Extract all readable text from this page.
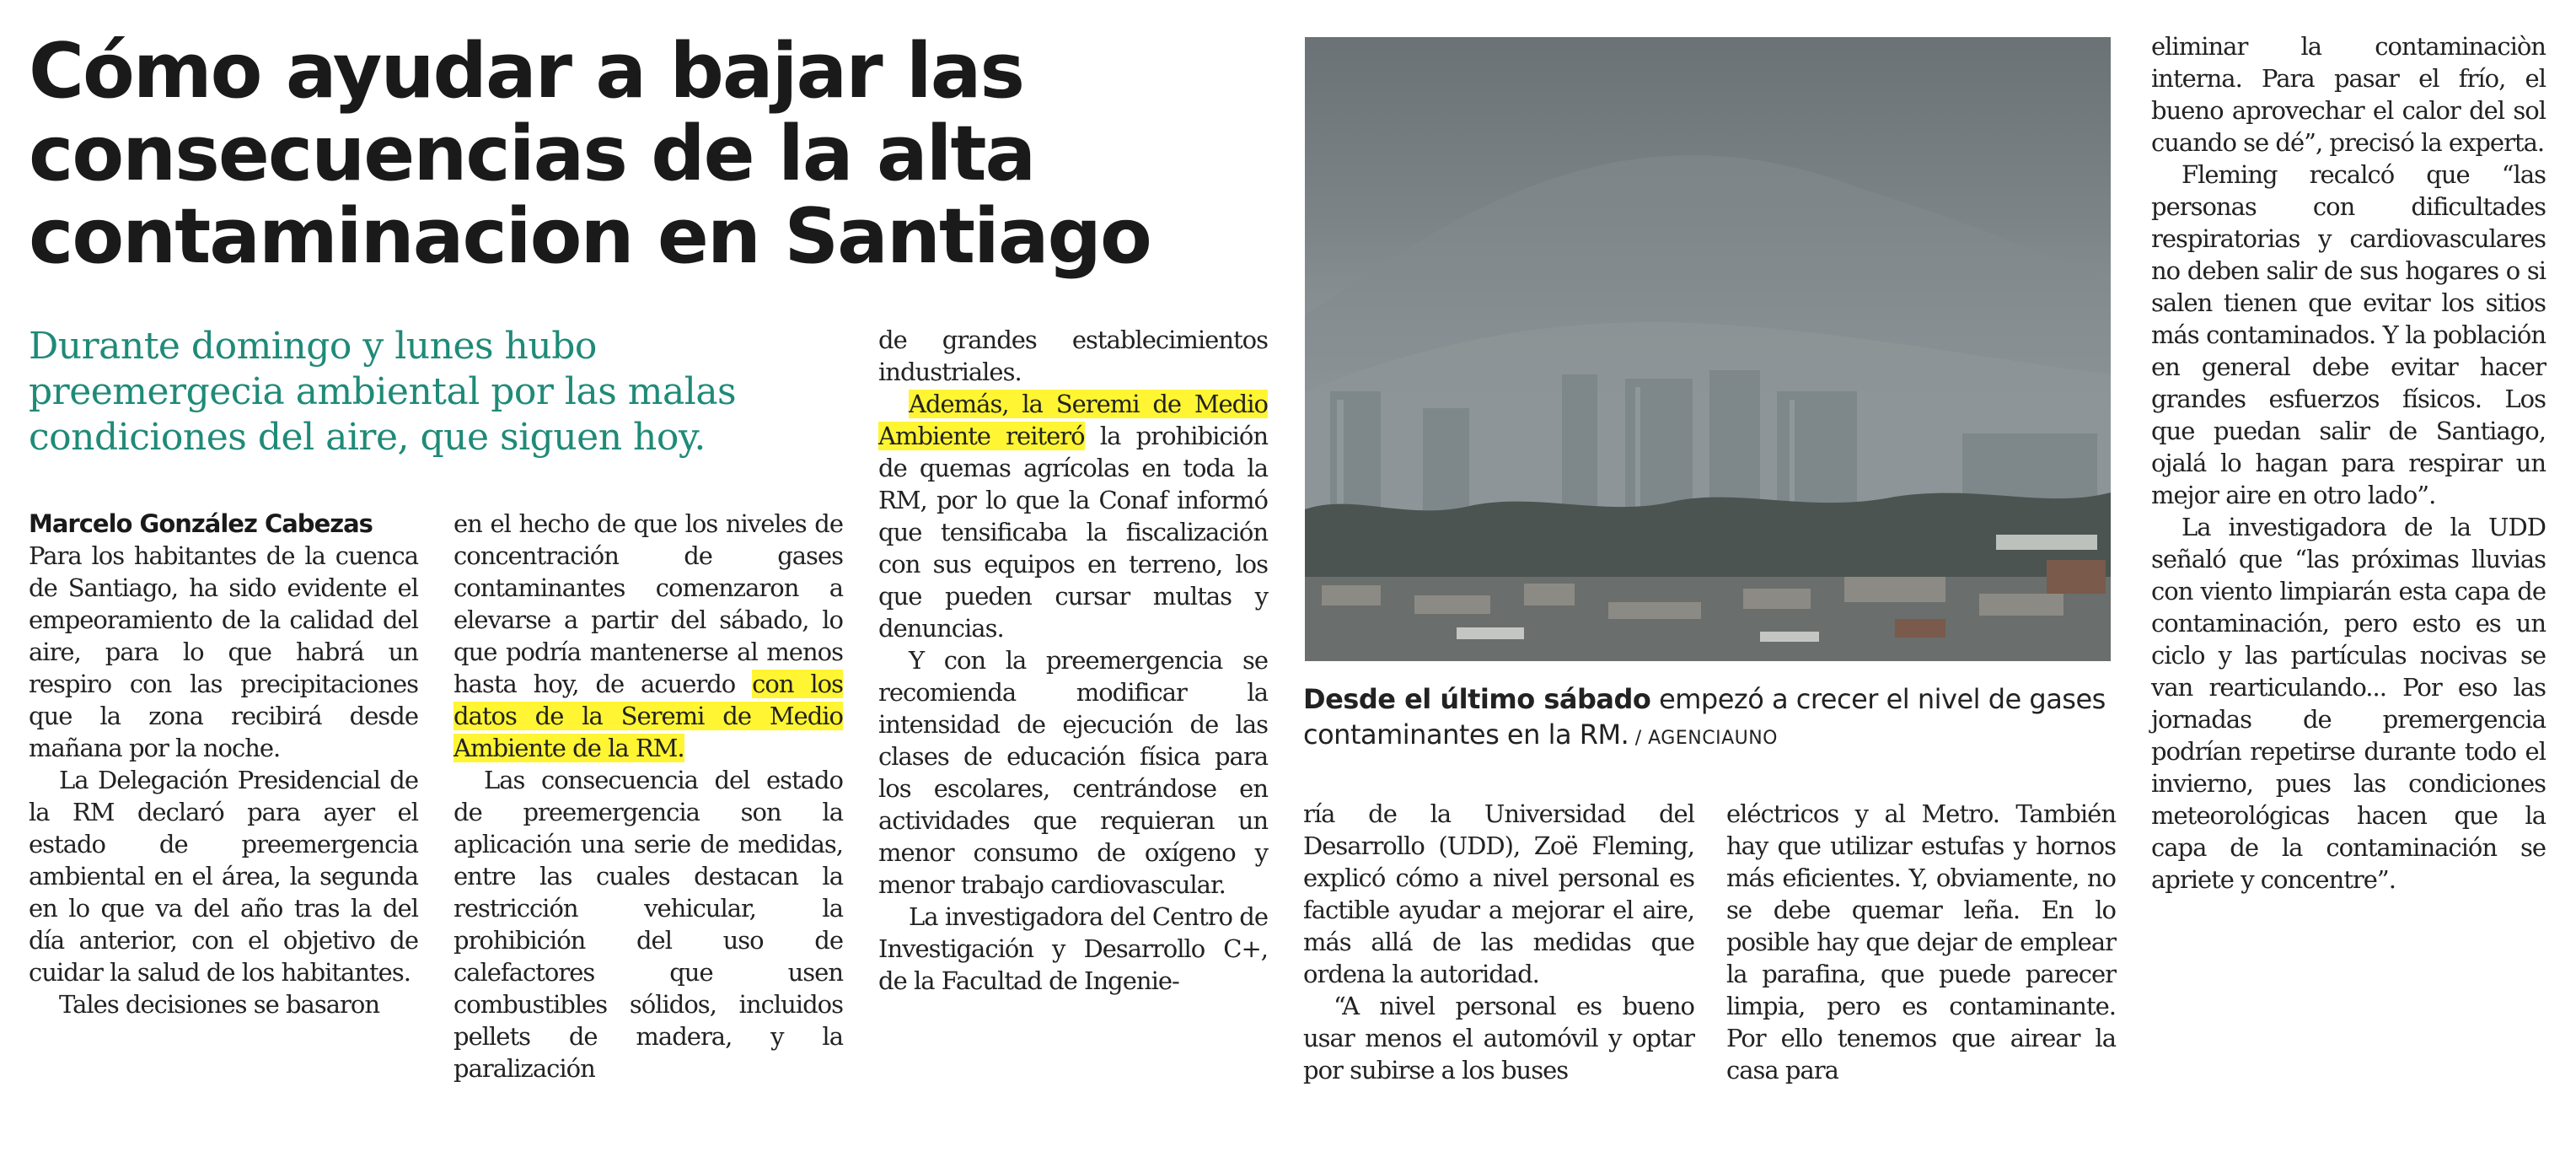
Cómo ayudar a bajar las consecuencias de la alta contaminacion en Santiago

Durante domingo y lunes hubo preemergecia ambiental por las malas condiciones del aire, que siguen hoy.

Marcelo González Cabezas

Para los habitantes de la cuenca de Santiago, ha sido evidente el empeoramiento de la calidad del aire, para lo que habrá un respiro con las precipitaciones que la zona recibirá desde mañana por la noche.

La Delegación Presidencial de la RM declaró para ayer el estado de preemergencia ambiental en el área, la segunda en lo que va del año tras la del día anterior, con el objetivo de cuidar la salud de los habitantes.

Tales decisiones se basaron

en el hecho de que los niveles de concentración de gases contaminantes comenzaron a elevarse a partir del sábado, lo que podría mantenerse al menos hasta hoy, de acuerdo con los datos de la Seremi de Medio Ambiente de la RM.

Las consecuencia del estado de preemergencia son la aplicación una serie de medidas, entre las cuales destacan la restricción vehicular, la prohibición del uso de calefactores que usen combustibles sólidos, incluidos pellets de madera, y la paralización

de grandes establecimientos industriales.

Además, la Seremi de Medio Ambiente reiteró la prohibición de quemas agrícolas en toda la RM, por lo que la Conaf informó que tensificaba la fiscalización con sus equipos en terreno, los que pueden cursar multas y denuncias.

Y con la preemergencia se recomienda modificar la intensidad de ejecución de las clases de educación física para los escolares, centrándose en actividades que requieran un menor consumo de oxígeno y menor trabajo cardiovascular.

La investigadora del Centro de Investigación y Desarrollo C+, de la Facultad de Ingenie-

Desde el último sábado empezó a crecer el nivel de gases contaminantes en la RM. / AGENCIAUNO

ría de la Universidad del Desarrollo (UDD), Zoë Fleming, explicó cómo a nivel personal es factible ayudar a mejorar el aire, más allá de las medidas que ordena la autoridad.

“A nivel personal es bueno usar menos el automóvil y optar por subirse a los buses

eléctricos y al Metro. También hay que utilizar estufas y hornos más eficientes. Y, obviamente, no se debe quemar leña. En lo posible hay que dejar de emplear la parafina, que puede parecer limpia, pero es contaminante. Por ello tenemos que airear la casa para

eliminar la contaminaciòn interna. Para pasar el frío, el bueno aprovechar el calor del sol cuando se dé”, precisó la experta.

Fleming recalcó que “las personas con dificultades respiratorias y cardiovasculares no deben salir de sus hogares o si salen tienen que evitar los sitios más contaminados. Y la población en general debe evitar hacer grandes esfuerzos físicos. Los que puedan salir de Santiago, ojalá lo hagan para respirar un mejor aire en otro lado”.

La investigadora de la UDD señaló que “las próximas lluvias con viento limpiarán esta capa de contaminación, pero esto es un ciclo y las partículas nocivas se van rearticulando... Por eso las jornadas de premergencia podrían repetirse durante todo el invierno, pues las condiciones meteorológicas hacen que la capa de la contaminación se apriete y concentre”.
